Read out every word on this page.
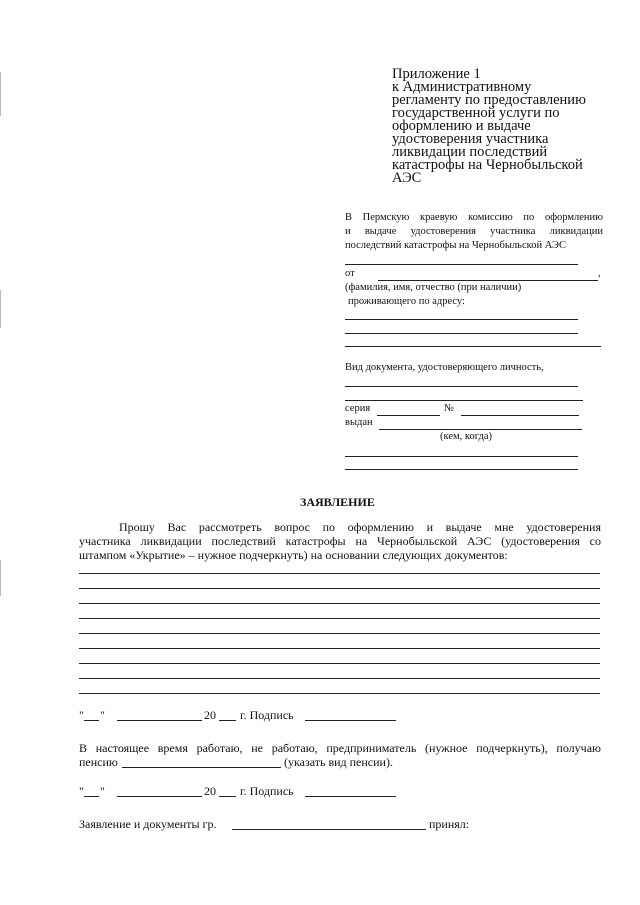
Приложение 1
к Административному
регламенту по предоставлению
государственной услуги по
оформлению и выдаче
удостоверения участника
ликвидации последствий
катастрофы на Чернобыльской
АЭС
В Пермскую краевую комиссию по оформлению
и выдаче удостоверения участника ликвидации
последствий катастрофы на Чернобыльской АЭС
от	,
(фамилия, имя, отчество (при наличии)
проживающего по адресу:
Вид документа, удостоверяющего личность,
серия	№
выдан
(кем, когда)
ЗАЯВЛЕНИЕ
Прошу Вас рассмотреть вопрос по оформлению и выдаче мне удостоверения
участника ликвидации последствий катастрофы на Чернобыльской АЭС (удостоверения со
штампом «Укрытие» – нужное подчеркнуть) на основании следующих документов:
" "	20 г. Подпись
В настоящее время работаю, не работаю, предприниматель (нужное подчеркнуть), получаю
пенсию	(указать вид пенсии).
" "	20 г. Подпись
Заявление и документы гр.	принял:
